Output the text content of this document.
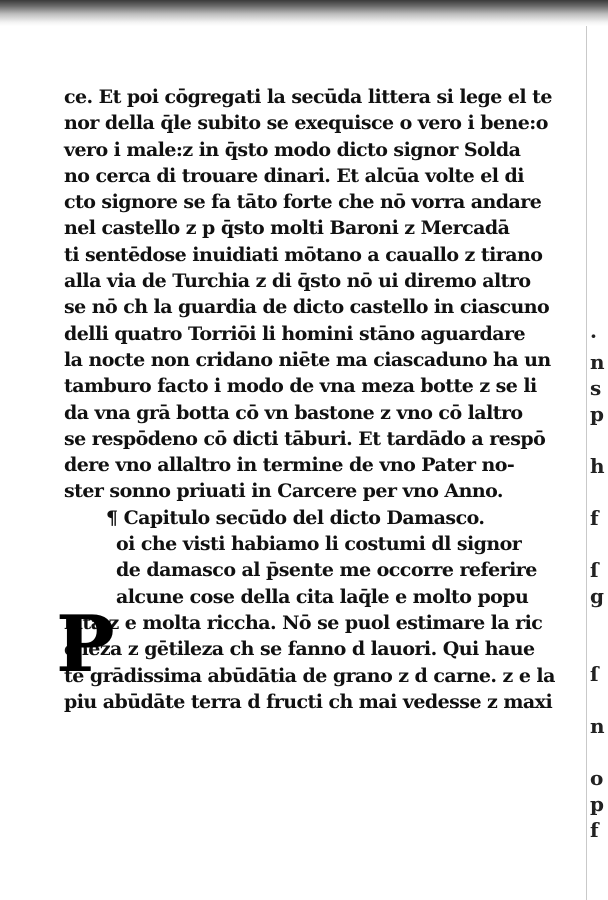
ce. Et poi cōgregati la secūda littera si lege el te
nor della q̄le subito se exequisce o vero i bene:o
vero i male:z in q̄sto modo dicto signor Solda
no cerca di trouare dinari. Et alcūa volte el di
cto signore se fa tāto forte che nō vorra andare
nel castello z p q̄sto molti Baroni z Mercadā
ti sentēdose inuidiati mōtano a cauallo z tirano
alla via de Turchia z di q̄sto nō ui diremo altro
se nō ch la guardia de dicto castello in ciascuno
delli quatro Torriōi li homini stāno aguardare
la nocte non cridano niēte ma ciascaduno ha un
tamburo facto i modo de vna meza botte z se li
da vna grā botta cō vn bastone z vno cō laltro
se respōdeno cō dicti tāburi. Et tardādo a respō
dere vno allaltro in termine de vno Pater no-
ster sonno priuati in Carcere per vno Anno.
¶ Capitulo secūdo del dicto Damasco.
oi che visti habiamo li costumi dl signor
de damasco al p̄sente me occorre referire
alcune cose della cita laq̄le e molto popu
lata z e molta riccha. Nō se puol estimare la ric
cheza z gētileza ch se fanno d lauori. Qui haue
te grādissima abūdātia de grano z d carne. z e la
piu abūdāte terra d fructi ch mai vedesse z maxi
P
·
n
s
p
h
f
ſ
g
ſ
n
o
p
f
